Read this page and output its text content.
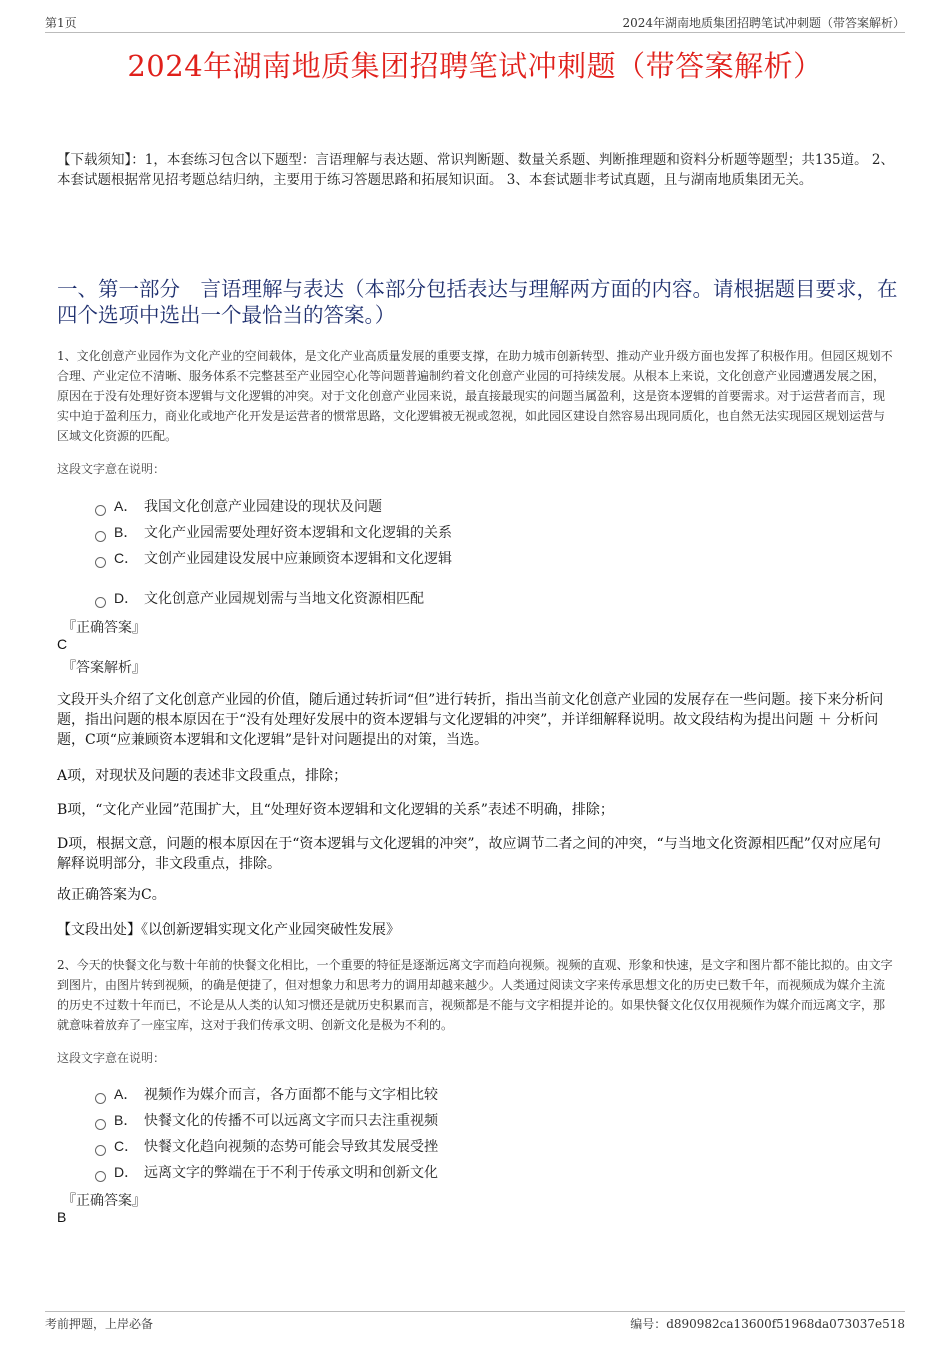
第1页	2024年湖南地质集团招聘笔试冲刺题（带答案解析）
2024年湖南地质集团招聘笔试冲刺题（带答案解析）
【下载须知】：1，本套练习包含以下题型：言语理解与表达题、常识判断题、数量关系题、判断推理题和资料分析题等题型；共135道。 2、本套试题根据常见招考题总结归纳，主要用于练习答题思路和拓展知识面。 3、本套试题非考试真题，且与湖南地质集团无关。
一、第一部分　言语理解与表达（本部分包括表达与理解两方面的内容。请根据题目要求，在四个选项中选出一个最恰当的答案。）
1、文化创意产业园作为文化产业的空间载体，是文化产业高质量发展的重要支撑，在助力城市创新转型、推动产业升级方面也发挥了积极作用。但园区规划不合理、产业定位不清晰、服务体系不完整甚至产业园空心化等问题普遍制约着文化创意产业园的可持续发展。从根本上来说，文化创意产业园遭遇发展之困，原因在于没有处理好资本逻辑与文化逻辑的冲突。对于文化创意产业园来说，最直接最现实的问题当属盈利，这是资本逻辑的首要需求。对于运营者而言，现实中迫于盈利压力，商业化或地产化开发是运营者的惯常思路，文化逻辑被无视或忽视，如此园区建设自然容易出现同质化，也自然无法实现园区规划运营与区域文化资源的匹配。
这段文字意在说明：
A． 我国文化创意产业园建设的现状及问题
B． 文化产业园需要处理好资本逻辑和文化逻辑的关系
C． 文创产业园建设发展中应兼顾资本逻辑和文化逻辑
D． 文化创意产业园规划需与当地文化资源相匹配
『正确答案』
C
『答案解析』
文段开头介绍了文化创意产业园的价值，随后通过转折词“但”进行转折，指出当前文化创意产业园的发展存在一些问题。接下来分析问题，指出问题的根本原因在于“没有处理好发展中的资本逻辑与文化逻辑的冲突”，并详细解释说明。故文段结构为提出问题 ＋ 分析问题，C项“应兼顾资本逻辑和文化逻辑”是针对问题提出的对策，当选。
A项，对现状及问题的表述非文段重点，排除；
B项，“文化产业园”范围扩大，且“处理好资本逻辑和文化逻辑的关系”表述不明确，排除；
D项，根据文意，问题的根本原因在于“资本逻辑与文化逻辑的冲突”，故应调节二者之间的冲突，“与当地文化资源相匹配”仅对应尾句解释说明部分，非文段重点，排除。
故正确答案为C。
【文段出处】《以创新逻辑实现文化产业园突破性发展》
2、今天的快餐文化与数十年前的快餐文化相比，一个重要的特征是逐渐远离文字而趋向视频。视频的直观、形象和快速，是文字和图片都不能比拟的。由文字到图片，由图片转到视频，的确是便捷了，但对想象力和思考力的调用却越来越少。人类通过阅读文字来传承思想文化的历史已数千年，而视频成为媒介主流的历史不过数十年而已，不论是从人类的认知习惯还是就历史积累而言，视频都是不能与文字相提并论的。如果快餐文化仅仅用视频作为媒介而远离文字，那就意味着放弃了一座宝库，这对于我们传承文明、创新文化是极为不利的。
这段文字意在说明：
A． 视频作为媒介而言，各方面都不能与文字相比较
B． 快餐文化的传播不可以远离文字而只去注重视频
C． 快餐文化趋向视频的态势可能会导致其发展受挫
D． 远离文字的弊端在于不利于传承文明和创新文化
『正确答案』
B
考前押题，上岸必备	编号：d890982ca13600f51968da073037e518
